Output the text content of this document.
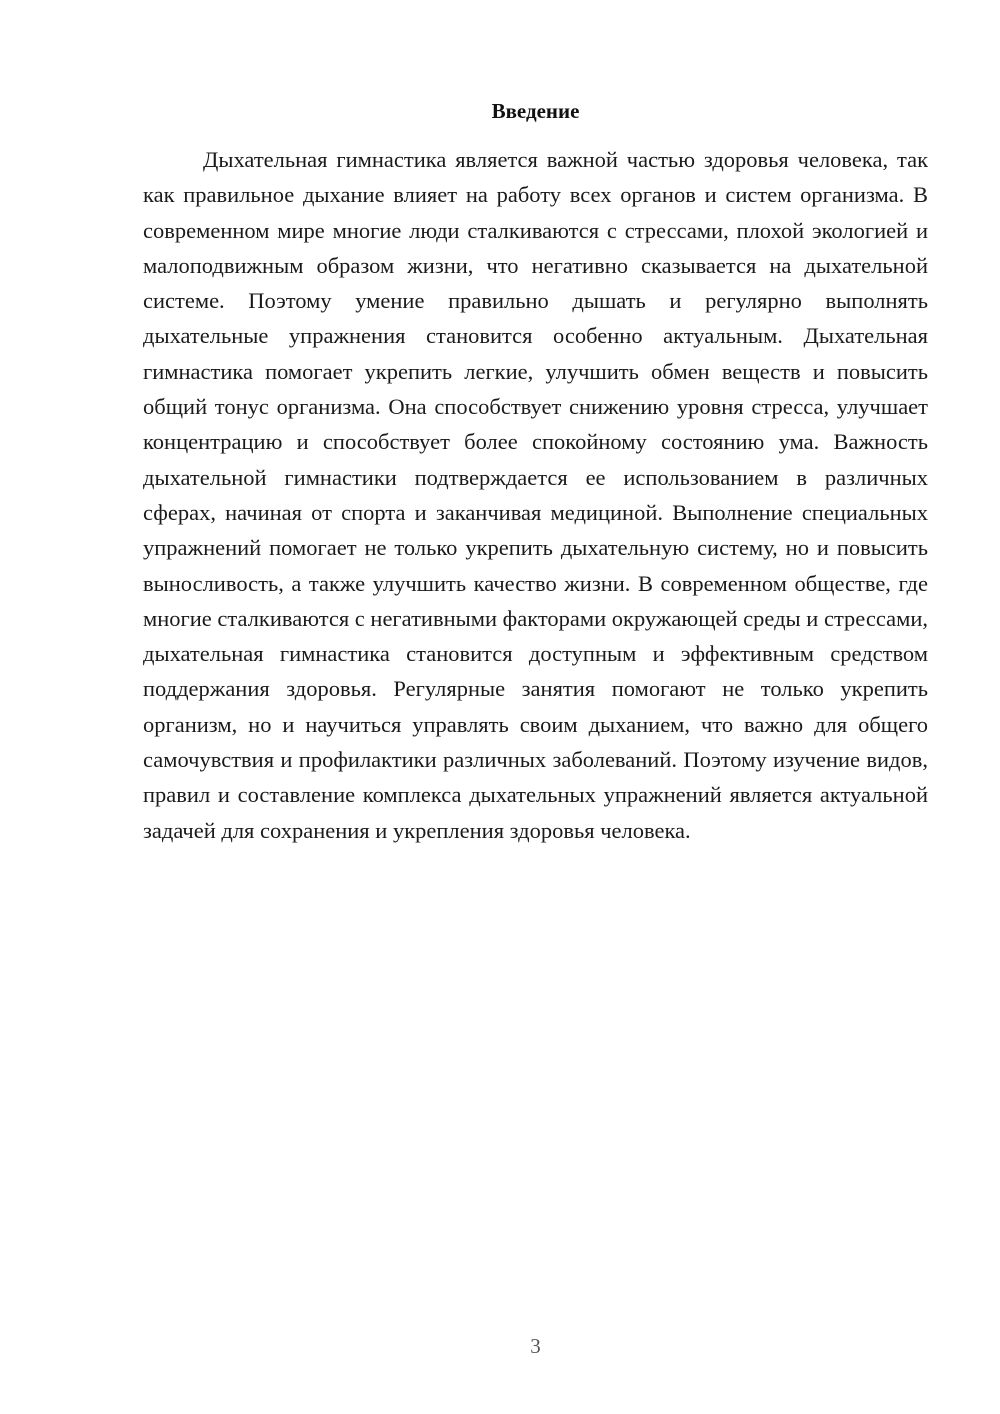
Введение

Дыхательная гимнастика является важной частью здоровья человека, так как правильное дыхание влияет на работу всех органов и систем организма. В современном мире многие люди сталкиваются с стрессами, плохой экологией и малоподвижным образом жизни, что негативно сказывается на дыхательной системе. Поэтому умение правильно дышать и регулярно выполнять дыхательные упражнения становится особенно актуальным. Дыхательная гимнастика помогает укрепить легкие, улучшить обмен веществ и повысить общий тонус организма. Она способствует снижению уровня стресса, улучшает концентрацию и способствует более спокойному состоянию ума. Важность дыхательной гимнастики подтверждается ее использованием в различных сферах, начиная от спорта и заканчивая медициной. Выполнение специальных упражнений помогает не только укрепить дыхательную систему, но и повысить выносливость, а также улучшить качество жизни. В современном обществе, где многие сталкиваются с негативными факторами окружающей среды и стрессами, дыхательная гимнастика становится доступным и эффективным средством поддержания здоровья. Регулярные занятия помогают не только укрепить организм, но и научиться управлять своим дыханием, что важно для общего самочувствия и профилактики различных заболеваний. Поэтому изучение видов, правил и составление комплекса дыхательных упражнений является актуальной задачей для сохранения и укрепления здоровья человека.

3
